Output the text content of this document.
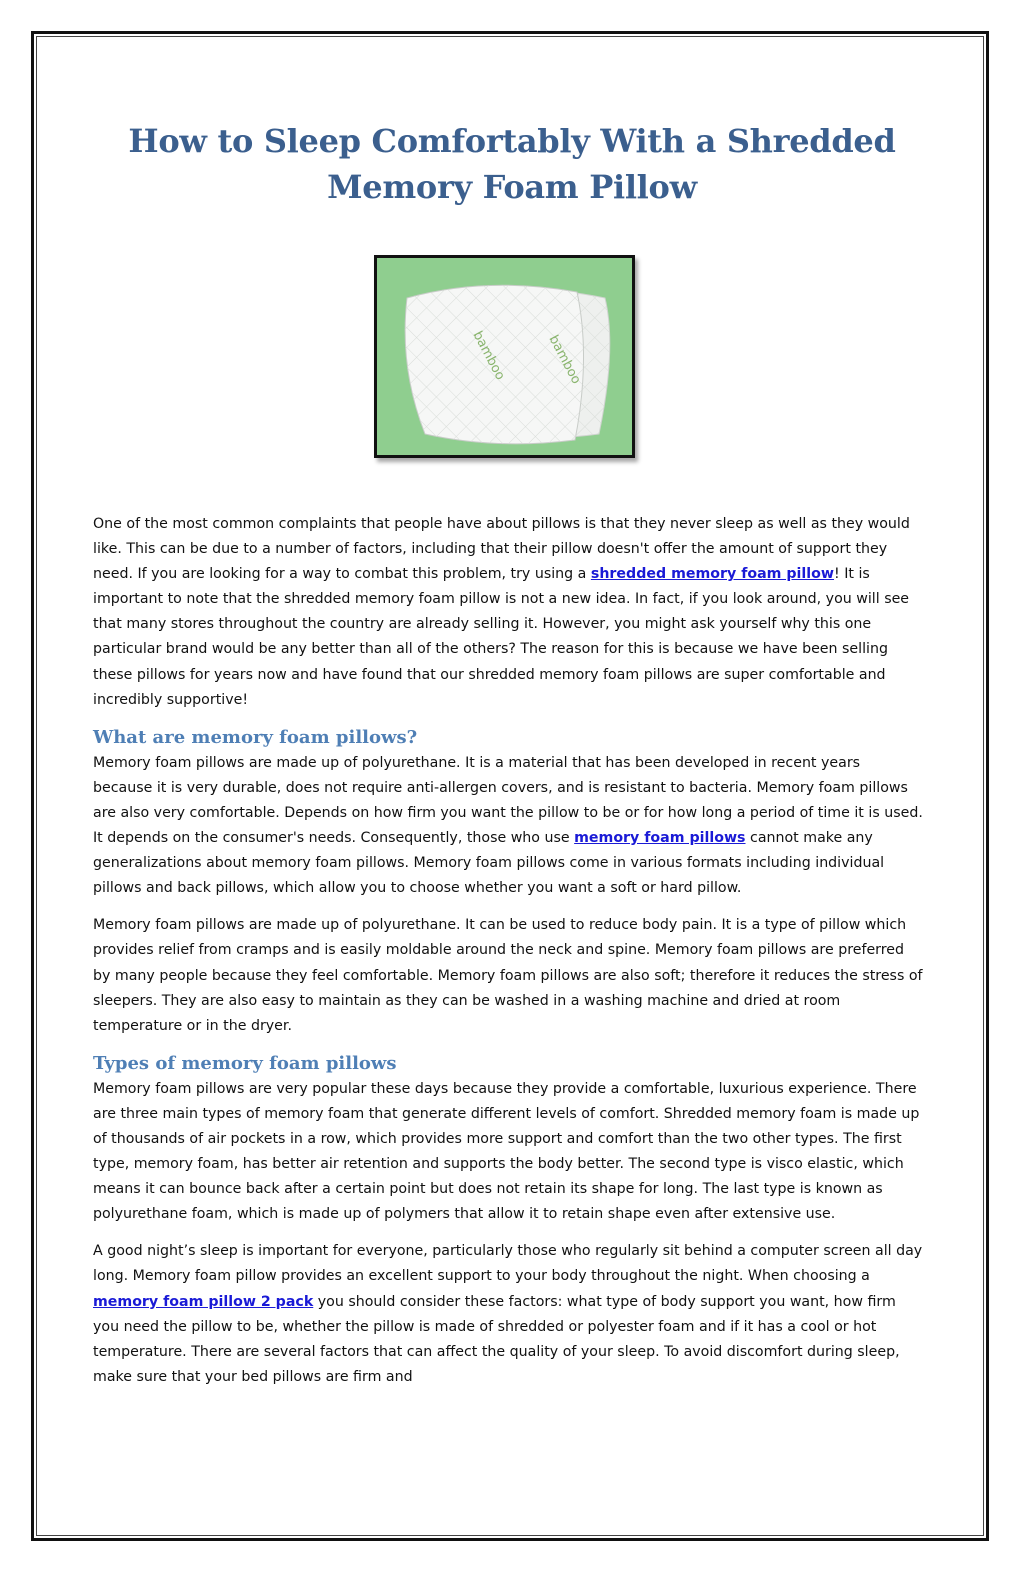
How to Sleep Comfortably With a Shredded Memory Foam Pillow
bamboo	bamboo

One of the most common complaints that people have about pillows is that they never sleep as well as they would like. This can be due to a number of factors, including that their pillow doesn't offer the amount of support they need. If you are looking for a way to combat this problem, try using a shredded memory foam pillow! It is important to note that the shredded memory foam pillow is not a new idea. In fact, if you look around, you will see that many stores throughout the country are already selling it. However, you might ask yourself why this one particular brand would be any better than all of the others? The reason for this is because we have been selling these pillows for years now and have found that our shredded memory foam pillows are super comfortable and incredibly supportive!

What are memory foam pillows?

Memory foam pillows are made up of polyurethane. It is a material that has been developed in recent years because it is very durable, does not require anti-allergen covers, and is resistant to bacteria. Memory foam pillows are also very comfortable. Depends on how firm you want the pillow to be or for how long a period of time it is used. It depends on the consumer's needs. Consequently, those who use memory foam pillows cannot make any generalizations about memory foam pillows. Memory foam pillows come in various formats including individual pillows and back pillows, which allow you to choose whether you want a soft or hard pillow.

Memory foam pillows are made up of polyurethane. It can be used to reduce body pain. It is a type of pillow which provides relief from cramps and is easily moldable around the neck and spine. Memory foam pillows are preferred by many people because they feel comfortable. Memory foam pillows are also soft; therefore it reduces the stress of sleepers. They are also easy to maintain as they can be washed in a washing machine and dried at room temperature or in the dryer.

Types of memory foam pillows

Memory foam pillows are very popular these days because they provide a comfortable, luxurious experience. There are three main types of memory foam that generate different levels of comfort. Shredded memory foam is made up of thousands of air pockets in a row, which provides more support and comfort than the two other types. The first type, memory foam, has better air retention and supports the body better. The second type is visco elastic, which means it can bounce back after a certain point but does not retain its shape for long. The last type is known as polyurethane foam, which is made up of polymers that allow it to retain shape even after extensive use.

A good night’s sleep is important for everyone, particularly those who regularly sit behind a computer screen all day long. Memory foam pillow provides an excellent support to your body throughout the night. When choosing a memory foam pillow 2 pack you should consider these factors: what type of body support you want, how firm you need the pillow to be, whether the pillow is made of shredded or polyester foam and if it has a cool or hot temperature. There are several factors that can affect the quality of your sleep. To avoid discomfort during sleep, make sure that your bed pillows are firm and
